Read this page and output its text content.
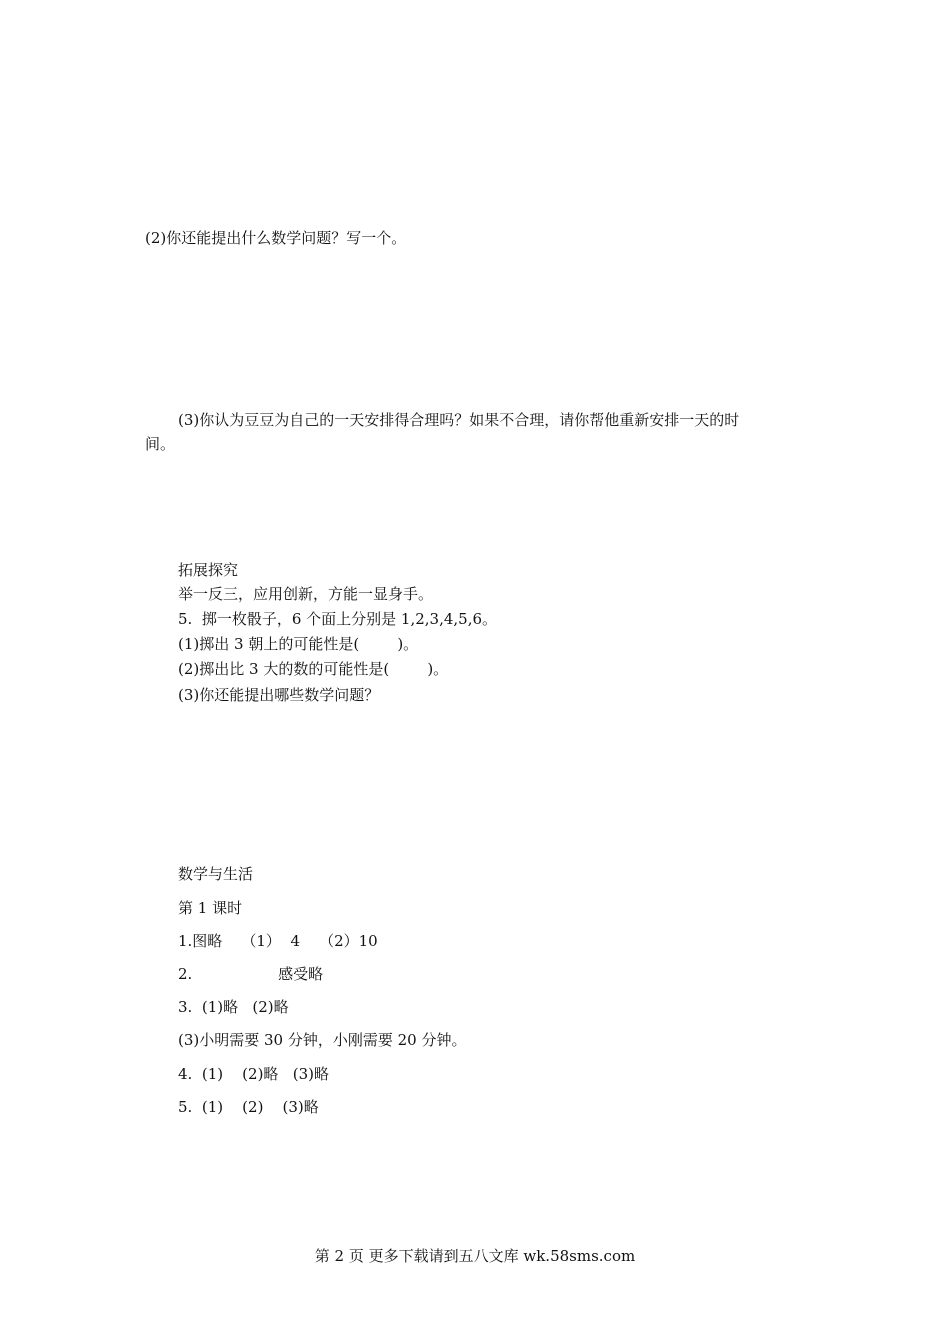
(2)你还能提出什么数学问题？写一个。
(3)你认为豆豆为自己的一天安排得合理吗？如果不合理，请你帮他重新安排一天的时
间。
拓展探究
举一反三，应用创新，方能一显身手。
5.  掷一枚骰子，6 个面上分别是 1,2,3,4,5,6。
(1)掷出 3 朝上的可能性是(        )。
(2)掷出比 3 大的数的可能性是(        )。
(3)你还能提出哪些数学问题？
数学与生活
第 1 课时
1.图略    （1）  4    （2）10
2.                  感受略
3.  (1)略   (2)略
(3)小明需要 30 分钟，小刚需要 20 分钟。
4.  (1)    (2)略   (3)略
5.  (1)    (2)    (3)略
第 2 页 更多下载请到五八文库 wk.58sms.com
